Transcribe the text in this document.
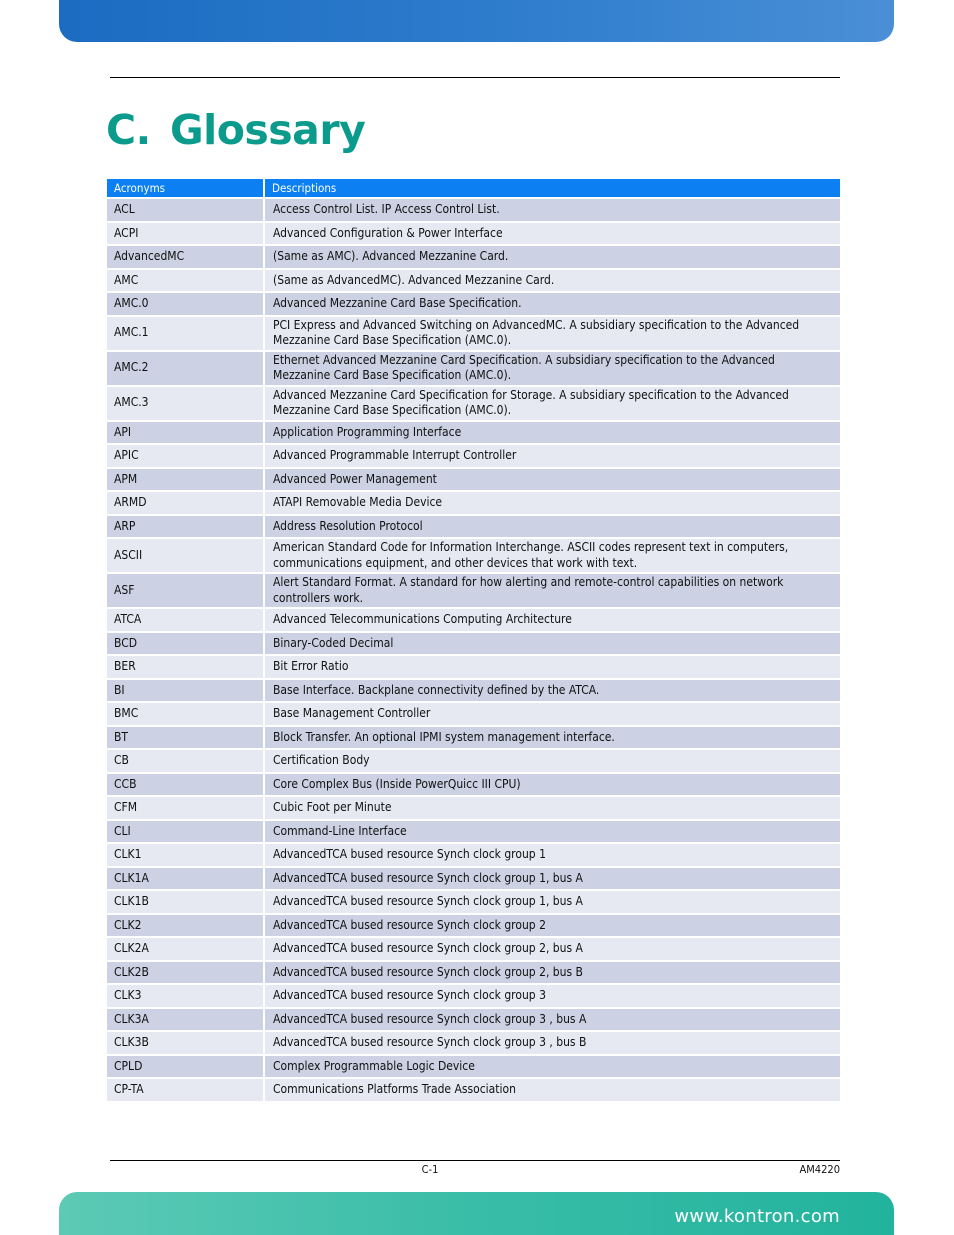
C. Glossary
Acronyms	Descriptions
ACL	Access Control List. IP Access Control List.
ACPI	Advanced Configuration & Power Interface
AdvancedMC	(Same as AMC). Advanced Mezzanine Card.
AMC	(Same as AdvancedMC). Advanced Mezzanine Card.
AMC.0	Advanced Mezzanine Card Base Specification.
AMC.1	PCI Express and Advanced Switching on AdvancedMC. A subsidiary specification to the Advanced Mezzanine Card Base Specification (AMC.0).
AMC.2	Ethernet Advanced Mezzanine Card Specification. A subsidiary specification to the Advanced Mezzanine Card Base Specification (AMC.0).
AMC.3	Advanced Mezzanine Card Specification for Storage. A subsidiary specification to the Advanced Mezzanine Card Base Specification (AMC.0).
API	Application Programming Interface
APIC	Advanced Programmable Interrupt Controller
APM	Advanced Power Management
ARMD	ATAPI Removable Media Device
ARP	Address Resolution Protocol
ASCII	American Standard Code for Information Interchange. ASCII codes represent text in computers, communications equipment, and other devices that work with text.
ASF	Alert Standard Format. A standard for how alerting and remote-control capabilities on network controllers work.
ATCA	Advanced Telecommunications Computing Architecture
BCD	Binary-Coded Decimal
BER	Bit Error Ratio
BI	Base Interface. Backplane connectivity defined by the ATCA.
BMC	Base Management Controller
BT	Block Transfer. An optional IPMI system management interface.
CB	Certification Body
CCB	Core Complex Bus (Inside PowerQuicc III CPU)
CFM	Cubic Foot per Minute
CLI	Command-Line Interface
CLK1	AdvancedTCA bused resource Synch clock group 1
CLK1A	AdvancedTCA bused resource Synch clock group 1, bus A
CLK1B	AdvancedTCA bused resource Synch clock group 1, bus A
CLK2	AdvancedTCA bused resource Synch clock group 2
CLK2A	AdvancedTCA bused resource Synch clock group 2, bus A
CLK2B	AdvancedTCA bused resource Synch clock group 2, bus B
CLK3	AdvancedTCA bused resource Synch clock group 3
CLK3A	AdvancedTCA bused resource Synch clock group 3 , bus A
CLK3B	AdvancedTCA bused resource Synch clock group 3 , bus B
CPLD	Complex Programmable Logic Device
CP-TA	Communications Platforms Trade Association
C-1	AM4220
www.kontron.com
